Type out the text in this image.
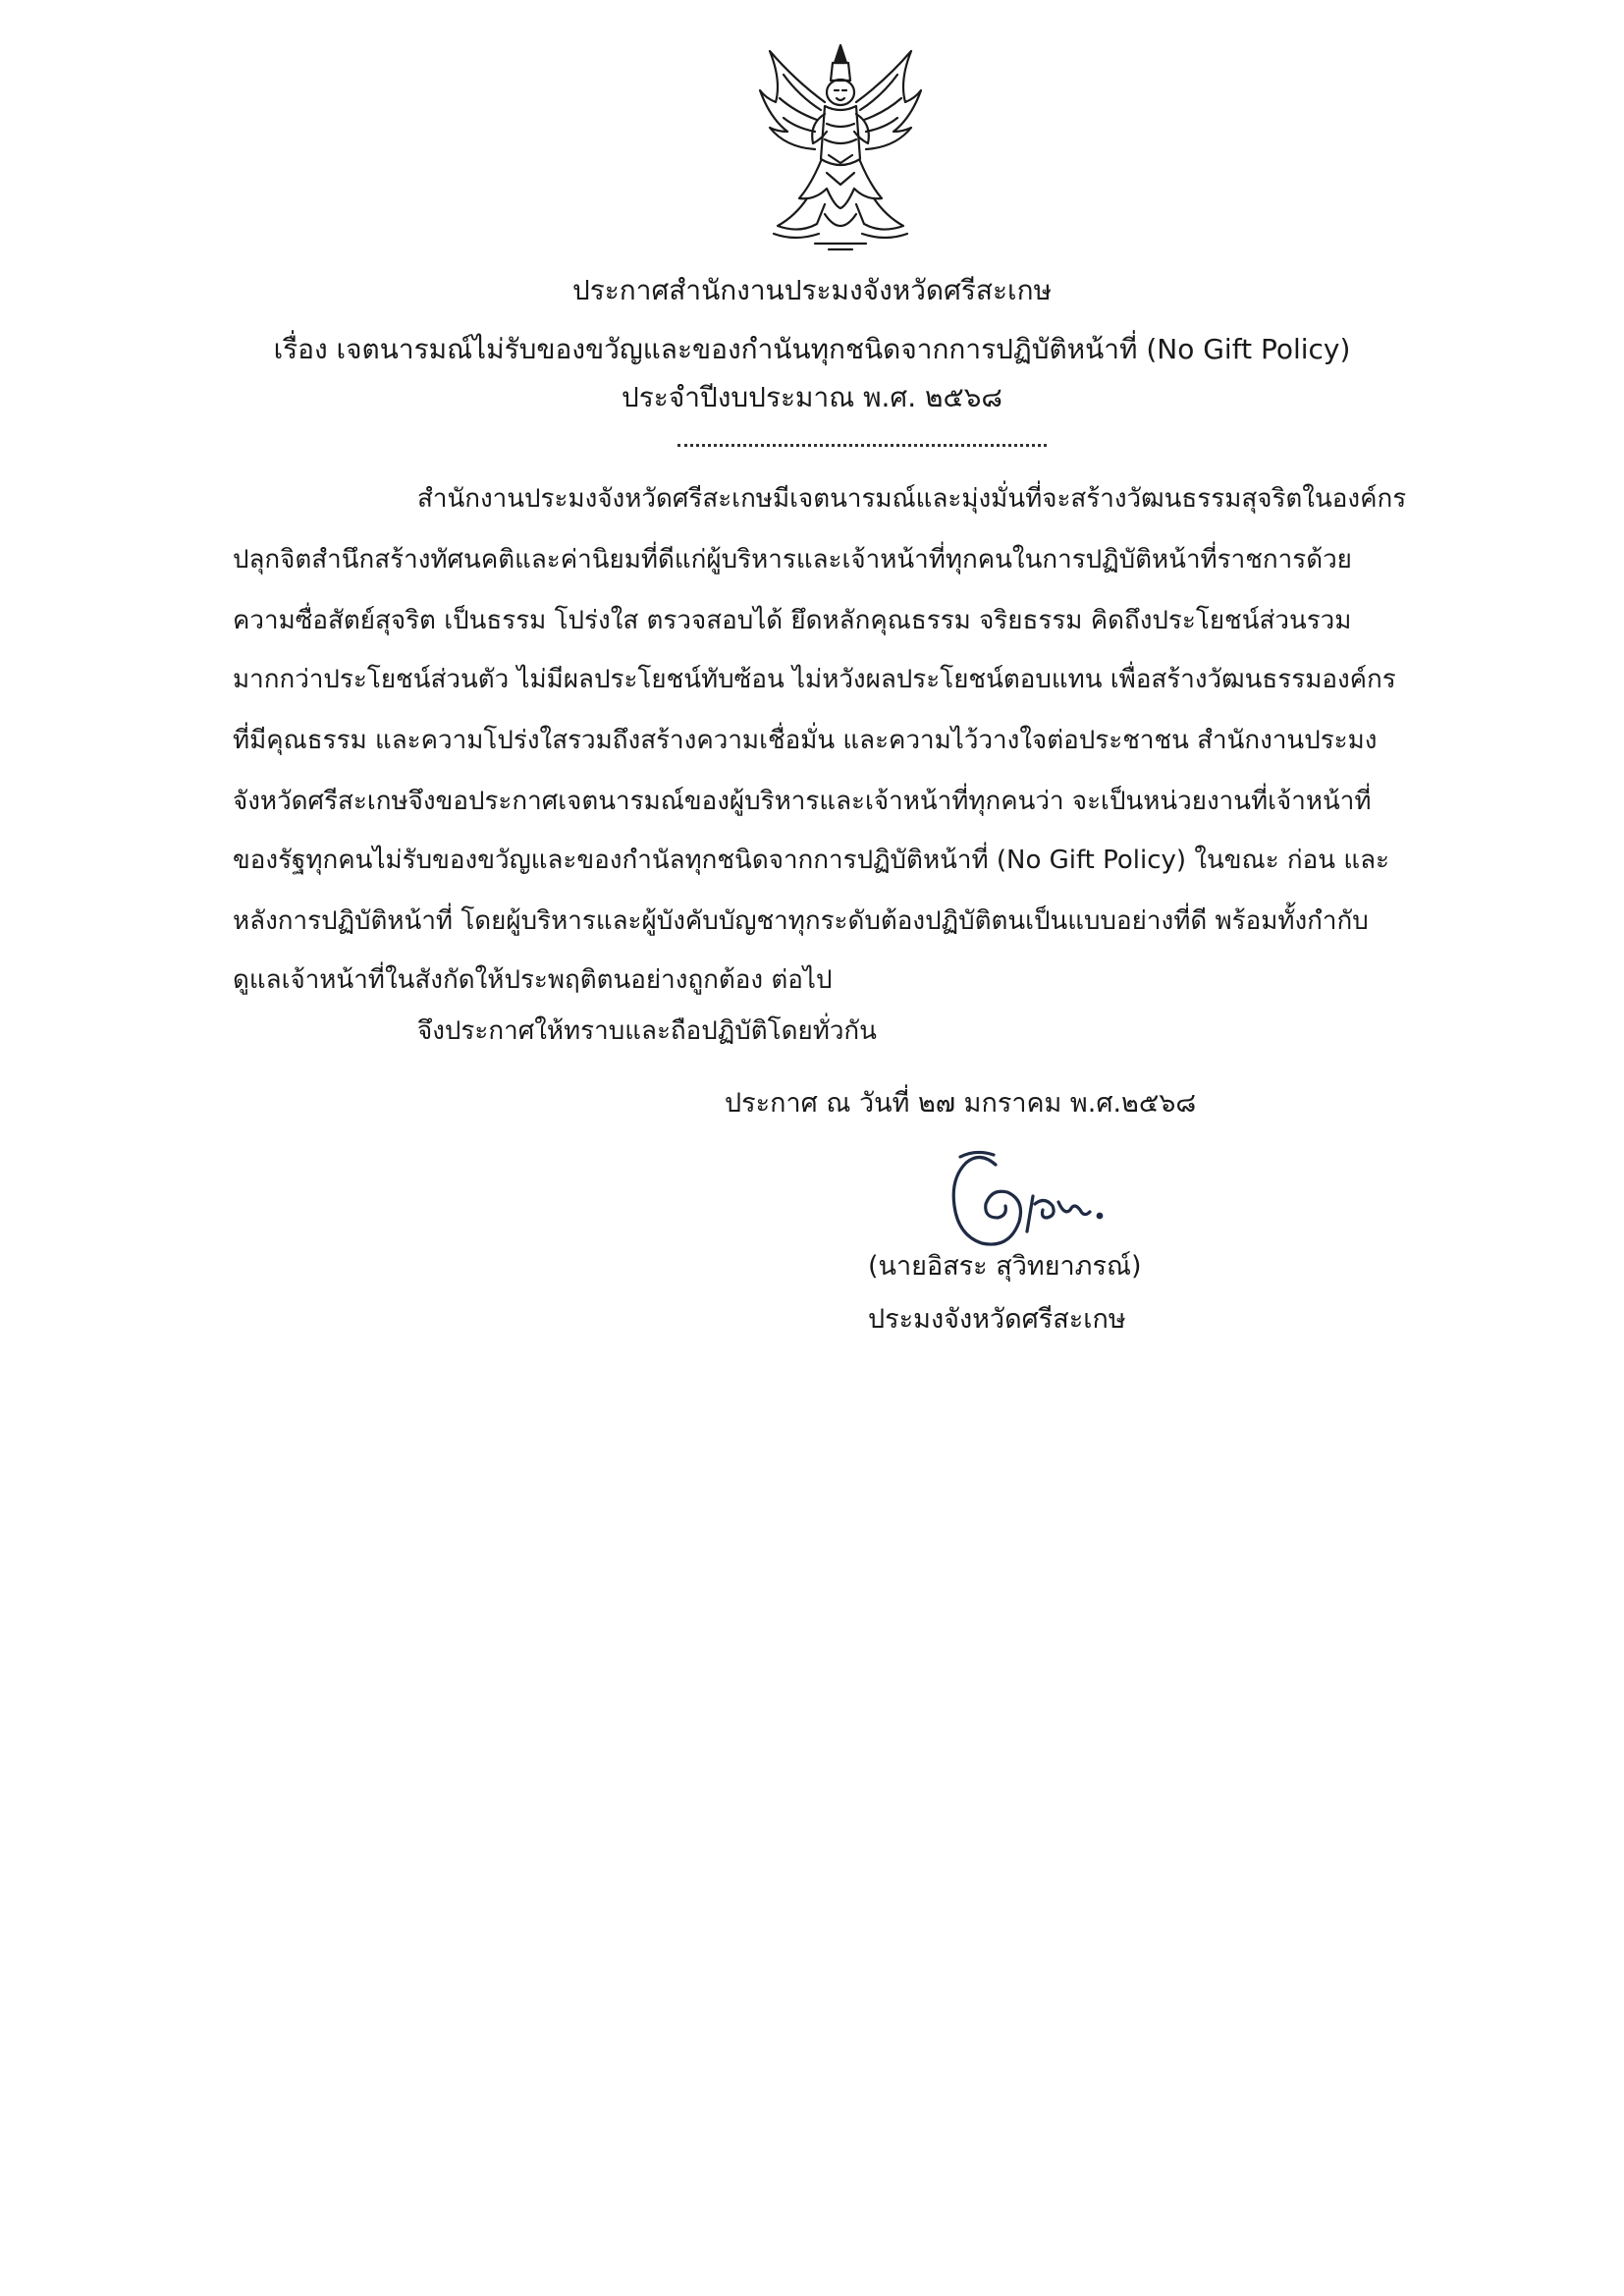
ประกาศสำนักงานประมงจังหวัดศรีสะเกษ
เรื่อง เจตนารมณ์ไม่รับของขวัญและของกำนันทุกชนิดจากการปฏิบัติหน้าที่ (No Gift Policy)
ประจำปีงบประมาณ พ.ศ. ๒๕๖๘
สำนักงานประมงจังหวัดศรีสะเกษมีเจตนารมณ์และมุ่งมั่นที่จะสร้างวัฒนธรรมสุจริตในองค์กร
ปลุกจิตสำนึกสร้างทัศนคติและค่านิยมที่ดีแก่ผู้บริหารและเจ้าหน้าที่ทุกคนในการปฏิบัติหน้าที่ราชการด้วย
ความซื่อสัตย์สุจริต เป็นธรรม โปร่งใส ตรวจสอบได้ ยึดหลักคุณธรรม จริยธรรม คิดถึงประโยชน์ส่วนรวม
มากกว่าประโยชน์ส่วนตัว ไม่มีผลประโยชน์ทับซ้อน ไม่หวังผลประโยชน์ตอบแทน เพื่อสร้างวัฒนธรรมองค์กร
ที่มีคุณธรรม และความโปร่งใสรวมถึงสร้างความเชื่อมั่น และความไว้วางใจต่อประชาชน สำนักงานประมง
จังหวัดศรีสะเกษจึงขอประกาศเจตนารมณ์ของผู้บริหารและเจ้าหน้าที่ทุกคนว่า จะเป็นหน่วยงานที่เจ้าหน้าที่
ของรัฐทุกคนไม่รับของขวัญและของกำนัลทุกชนิดจากการปฏิบัติหน้าที่ (No Gift Policy) ในขณะ ก่อน และ
หลังการปฏิบัติหน้าที่ โดยผู้บริหารและผู้บังคับบัญชาทุกระดับต้องปฏิบัติตนเป็นแบบอย่างที่ดี พร้อมทั้งกำกับ
ดูแลเจ้าหน้าที่ในสังกัดให้ประพฤติตนอย่างถูกต้อง ต่อไป
จึงประกาศให้ทราบและถือปฏิบัติโดยทั่วกัน
ประกาศ ณ วันที่ ๒๗ มกราคม พ.ศ.๒๕๖๘
(นายอิสระ สุวิทยาภรณ์)
ประมงจังหวัดศรีสะเกษ
